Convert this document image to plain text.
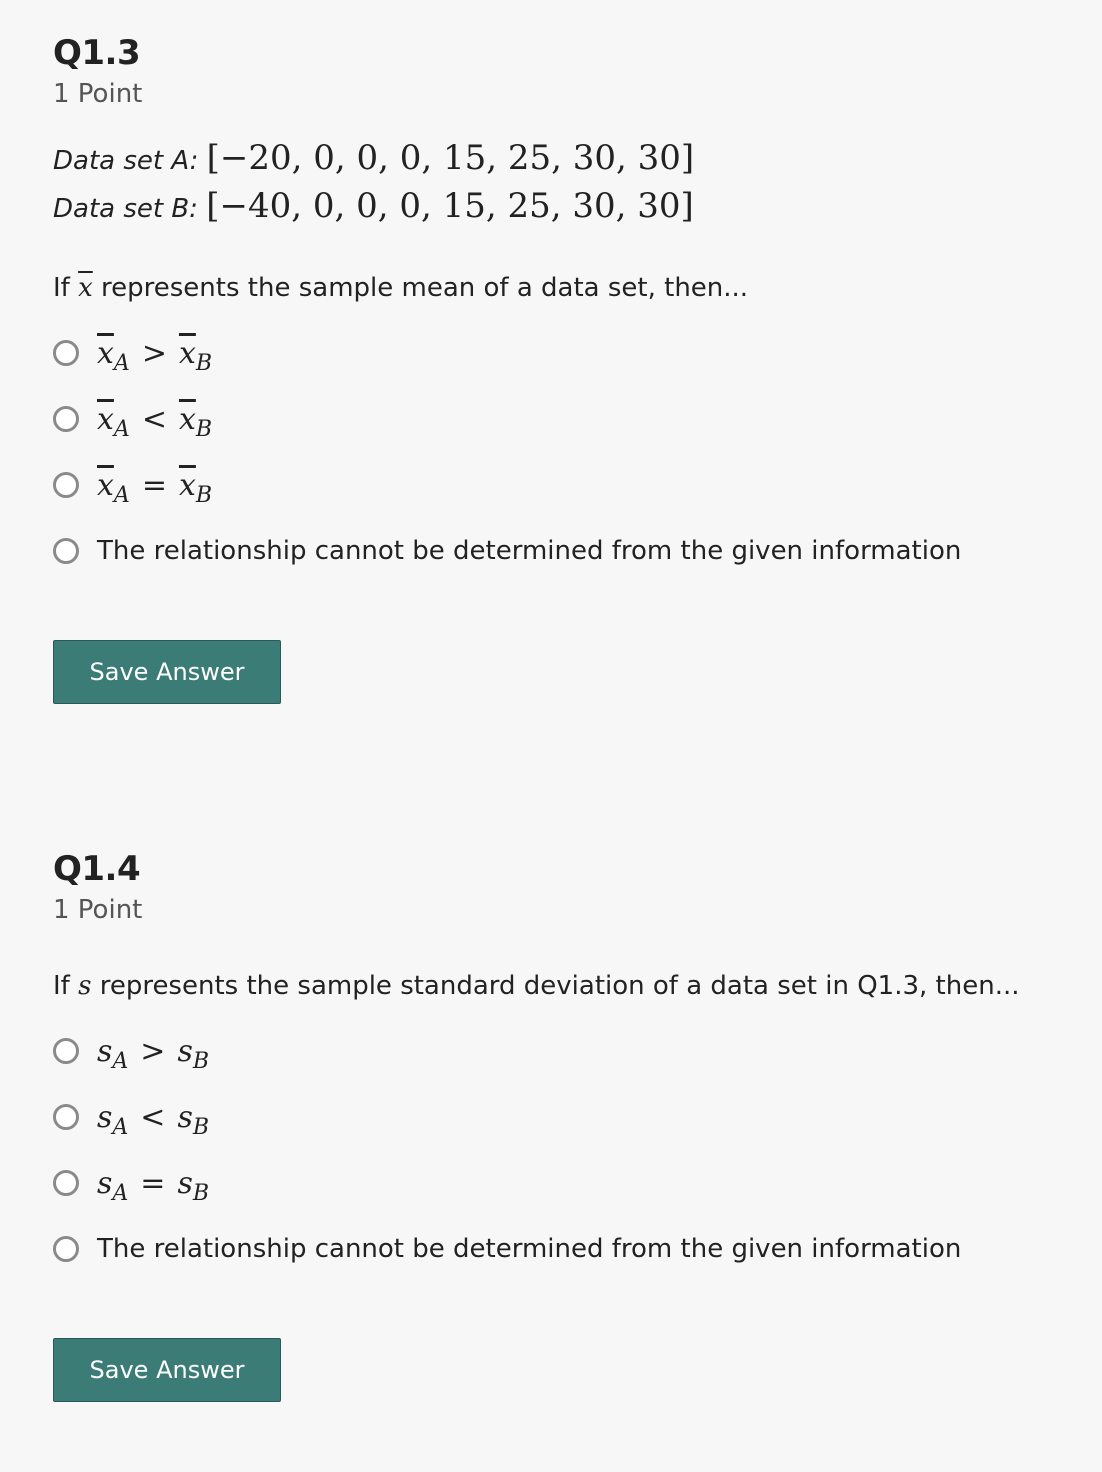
Q1.3
1 Point
Data set A: [−20, 0, 0, 0, 15, 25, 30, 30]
Data set B: [−40, 0, 0, 0, 15, 25, 30, 30]
If $\overline{x}$ represents the sample mean of a data set, then...
$\overline{x}_A > \overline{x}_B$
$\overline{x}_A < \overline{x}_B$
$\overline{x}_A = \overline{x}_B$
The relationship cannot be determined from the given information
Save Answer
Q1.4
1 Point
If s represents the sample standard deviation of a data set in Q1.3, then...
$s_A > s_B$
$s_A < s_B$
$s_A = s_B$
The relationship cannot be determined from the given information
Save Answer
